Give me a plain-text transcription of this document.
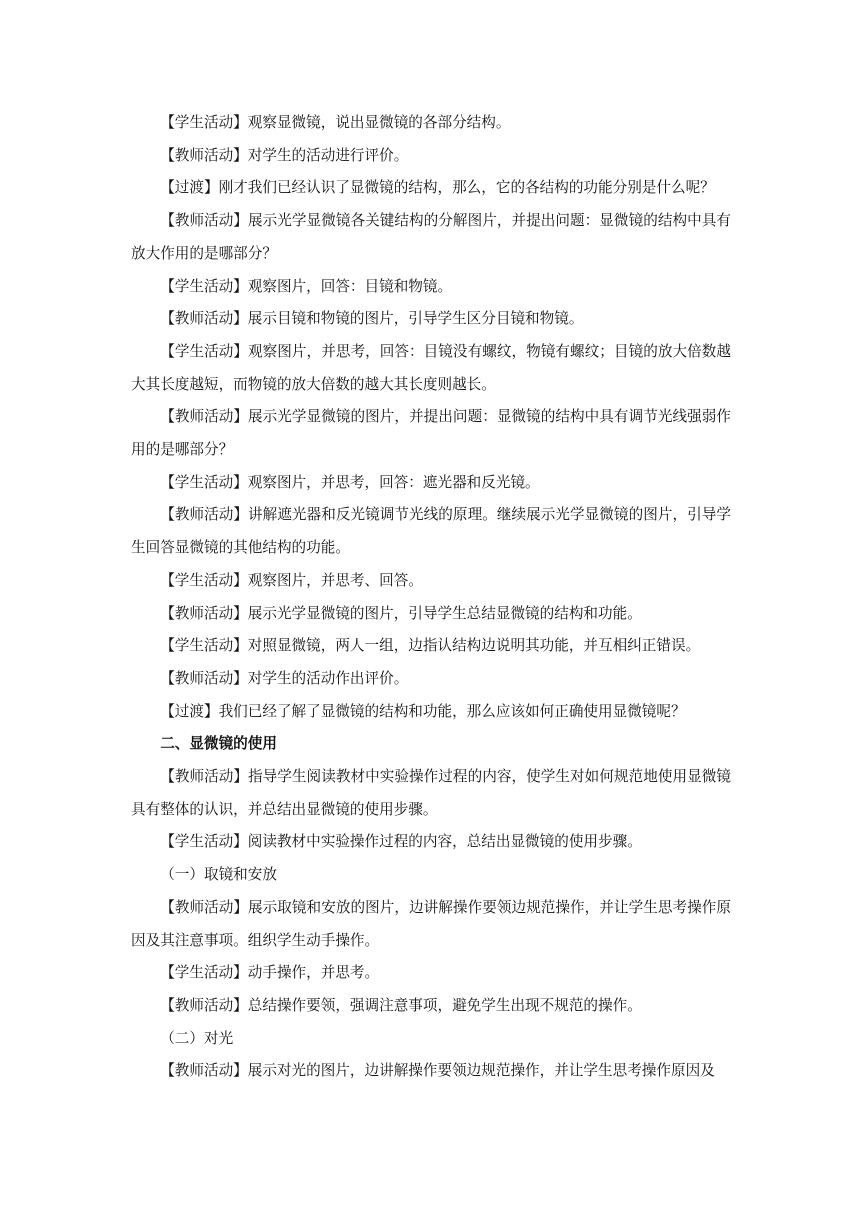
【学生活动】观察显微镜，说出显微镜的各部分结构。

【教师活动】对学生的活动进行评价。

【过渡】刚才我们已经认识了显微镜的结构，那么，它的各结构的功能分别是什么呢？

【教师活动】展示光学显微镜各关键结构的分解图片，并提出问题：显微镜的结构中具有放大作用的是哪部分？

【学生活动】观察图片，回答：目镜和物镜。

【教师活动】展示目镜和物镜的图片，引导学生区分目镜和物镜。

【学生活动】观察图片，并思考，回答：目镜没有螺纹，物镜有螺纹；目镜的放大倍数越大其长度越短，而物镜的放大倍数的越大其长度则越长。

【教师活动】展示光学显微镜的图片，并提出问题：显微镜的结构中具有调节光线强弱作用的是哪部分？

【学生活动】观察图片，并思考，回答：遮光器和反光镜。

【教师活动】讲解遮光器和反光镜调节光线的原理。继续展示光学显微镜的图片，引导学生回答显微镜的其他结构的功能。

【学生活动】观察图片，并思考、回答。

【教师活动】展示光学显微镜的图片，引导学生总结显微镜的结构和功能。

【学生活动】对照显微镜，两人一组，边指认结构边说明其功能，并互相纠正错误。

【教师活动】对学生的活动作出评价。

【过渡】我们已经了解了显微镜的结构和功能，那么应该如何正确使用显微镜呢？

二、显微镜的使用

【教师活动】指导学生阅读教材中实验操作过程的内容，使学生对如何规范地使用显微镜具有整体的认识，并总结出显微镜的使用步骤。

【学生活动】阅读教材中实验操作过程的内容，总结出显微镜的使用步骤。

（一）取镜和安放

【教师活动】展示取镜和安放的图片，边讲解操作要领边规范操作，并让学生思考操作原因及其注意事项。组织学生动手操作。

【学生活动】动手操作，并思考。

【教师活动】总结操作要领，强调注意事项，避免学生出现不规范的操作。

（二）对光

【教师活动】展示对光的图片，边讲解操作要领边规范操作，并让学生思考操作原因及
